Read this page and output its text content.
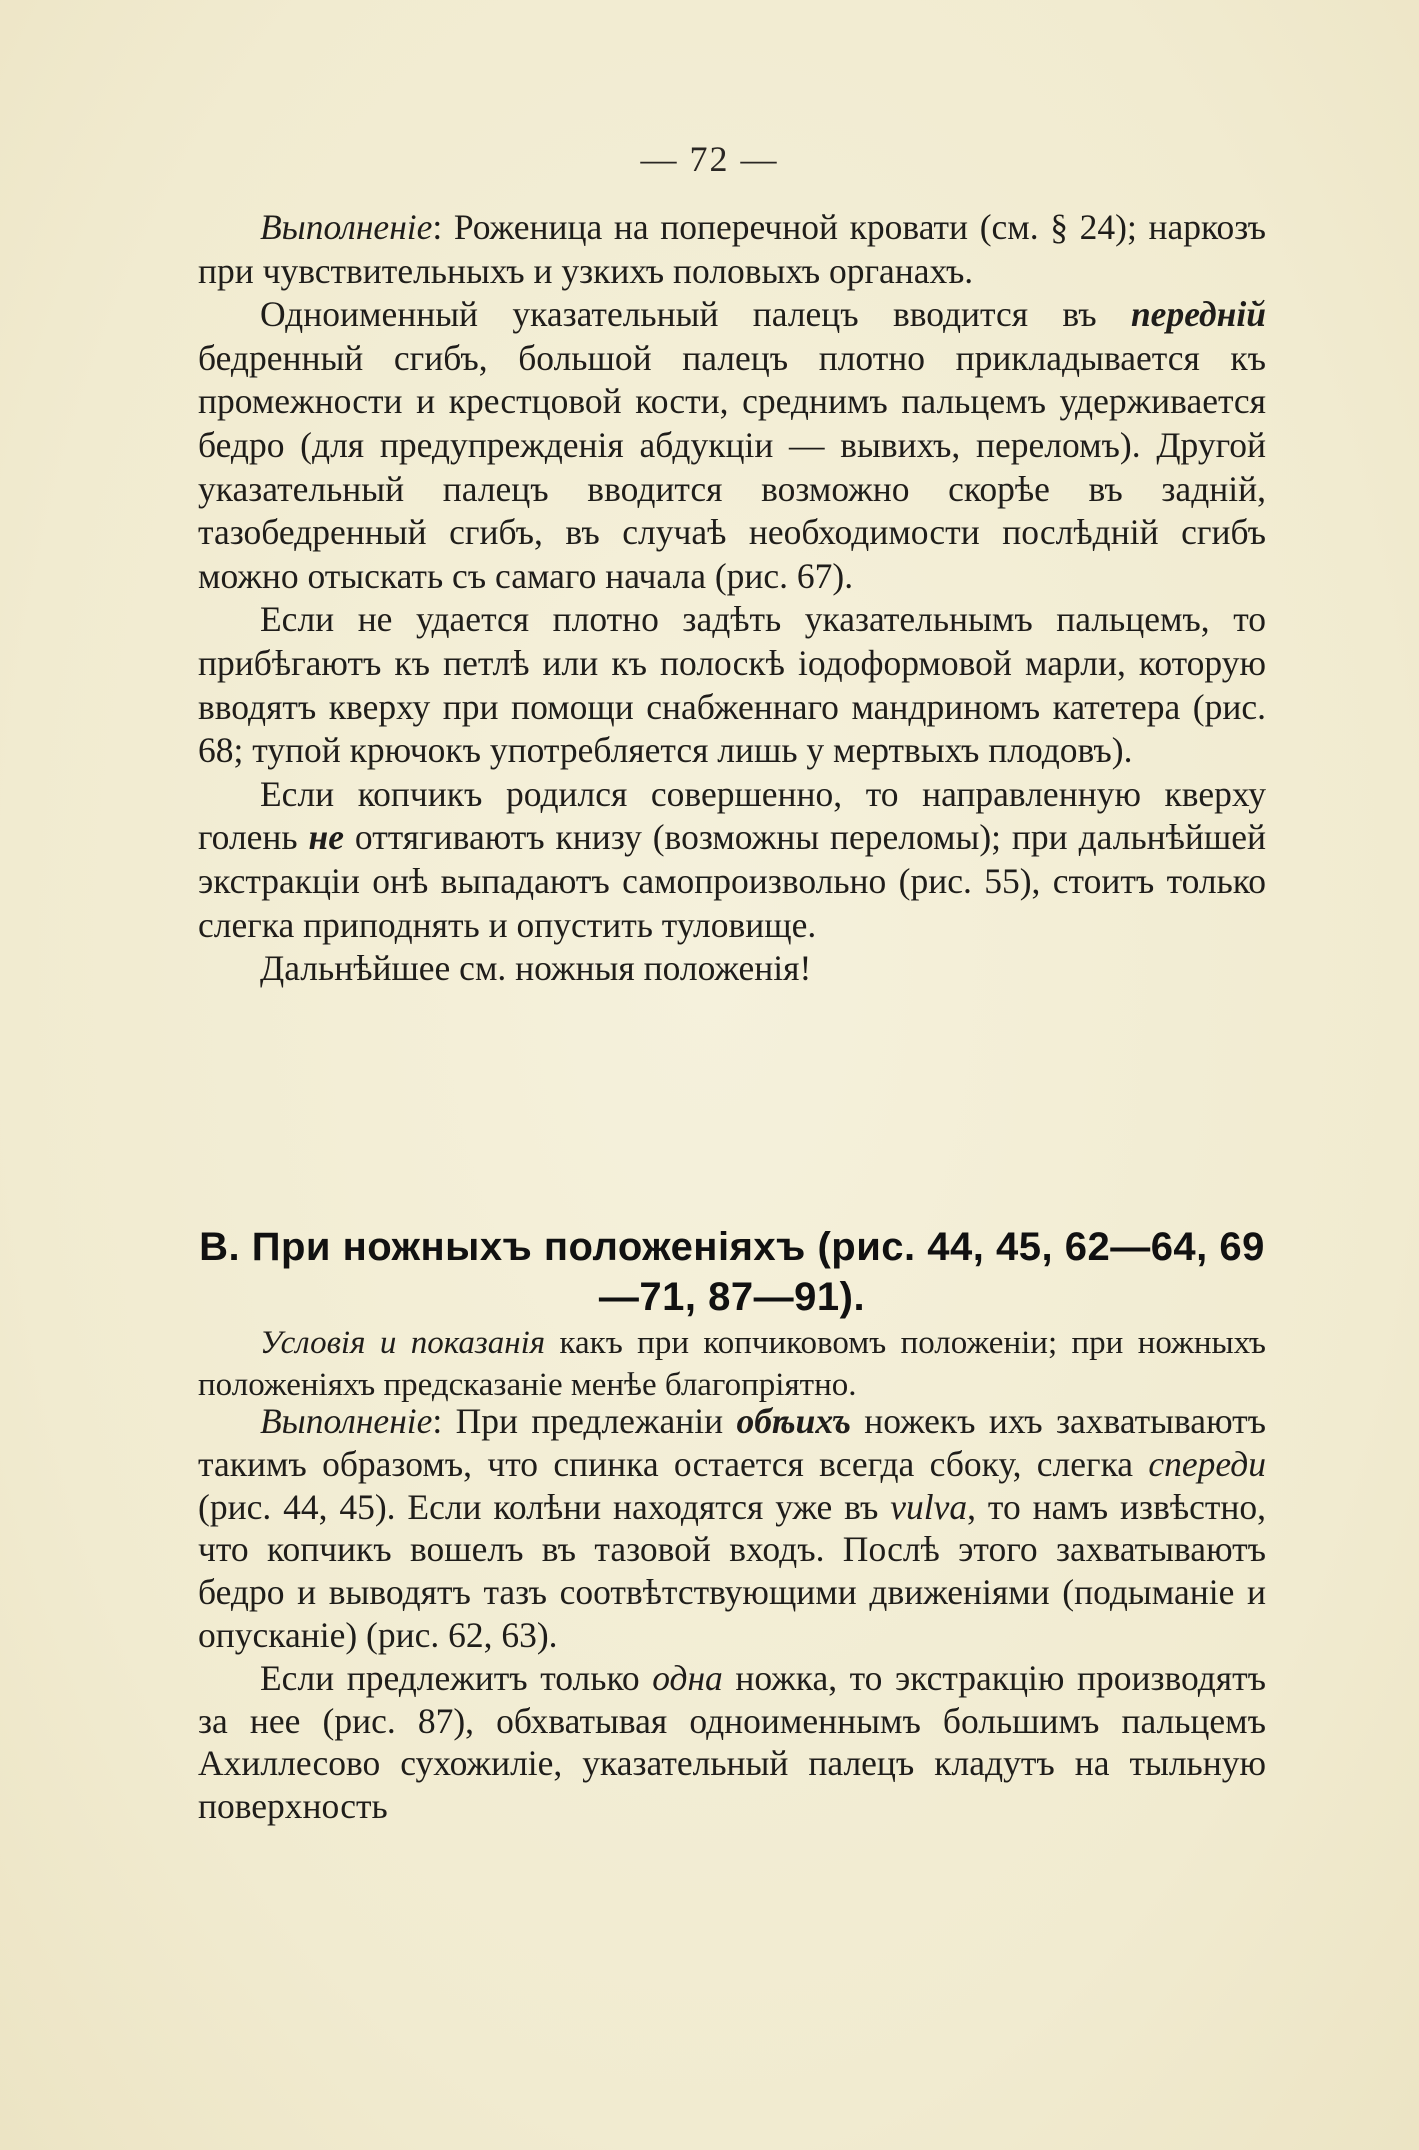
— 72 —

Выполненiе: Роженица на поперечной кровати (см. § 24); наркозъ при чувствительныхъ и узкихъ половыхъ органахъ.

Одноименный указательный палецъ вводится въ переднiй бедренный сгибъ, большой палецъ плотно прикладывается къ промежности и крестцовой кости, среднимъ пальцемъ удерживается бедро (для предупрежденiя абдукцiи — вывихъ, переломъ). Другой указательный палецъ вводится возможно скорѣе въ заднiй, тазобедренный сгибъ, въ случаѣ необходимости послѣднiй сгибъ можно отыскать съ самаго начала (рис. 67).

Если не удается плотно задѣть указательнымъ пальцемъ, то прибѣгаютъ къ петлѣ или къ полоскѣ iодоформовой марли, которую вводятъ кверху при помощи снабженнаго мандриномъ катетера (рис. 68; тупой крючокъ употребляется лишь у мертвыхъ плодовъ).

Если копчикъ родился совершенно, то направленную кверху голень не оттягиваютъ книзу (возможны переломы); при дальнѣйшей экстракцiи онѣ выпадаютъ самопроизвольно (рис. 55), стоитъ только слегка приподнять и опустить туловище.

Дальнѣйшее см. ножныя положенiя!

В. При ножныхъ положенiяхъ (рис. 44, 45, 62—64, 69—71, 87—91).

Условiя и показанiя какъ при копчиковомъ положенiи; при ножныхъ положенiяхъ предсказанiе менѣе благопрiятно.

Выполненiе: При предлежанiи обѣихъ ножекъ ихъ захватываютъ такимъ образомъ, что спинка остается всегда сбоку, слегка спереди (рис. 44, 45). Если колѣни находятся уже въ vulva, то намъ извѣстно, что копчикъ вошелъ въ тазовой входъ. Послѣ этого захватываютъ бедро и выводятъ тазъ соотвѣтствующими движенiями (подыманiе и опусканiе) (рис. 62, 63).

Если предлежитъ только одна ножка, то экстракцiю производятъ за нее (рис. 87), обхватывая одноименнымъ большимъ пальцемъ Ахиллесово сухожилiе, указательный палецъ кладутъ на тыльную поверхность
